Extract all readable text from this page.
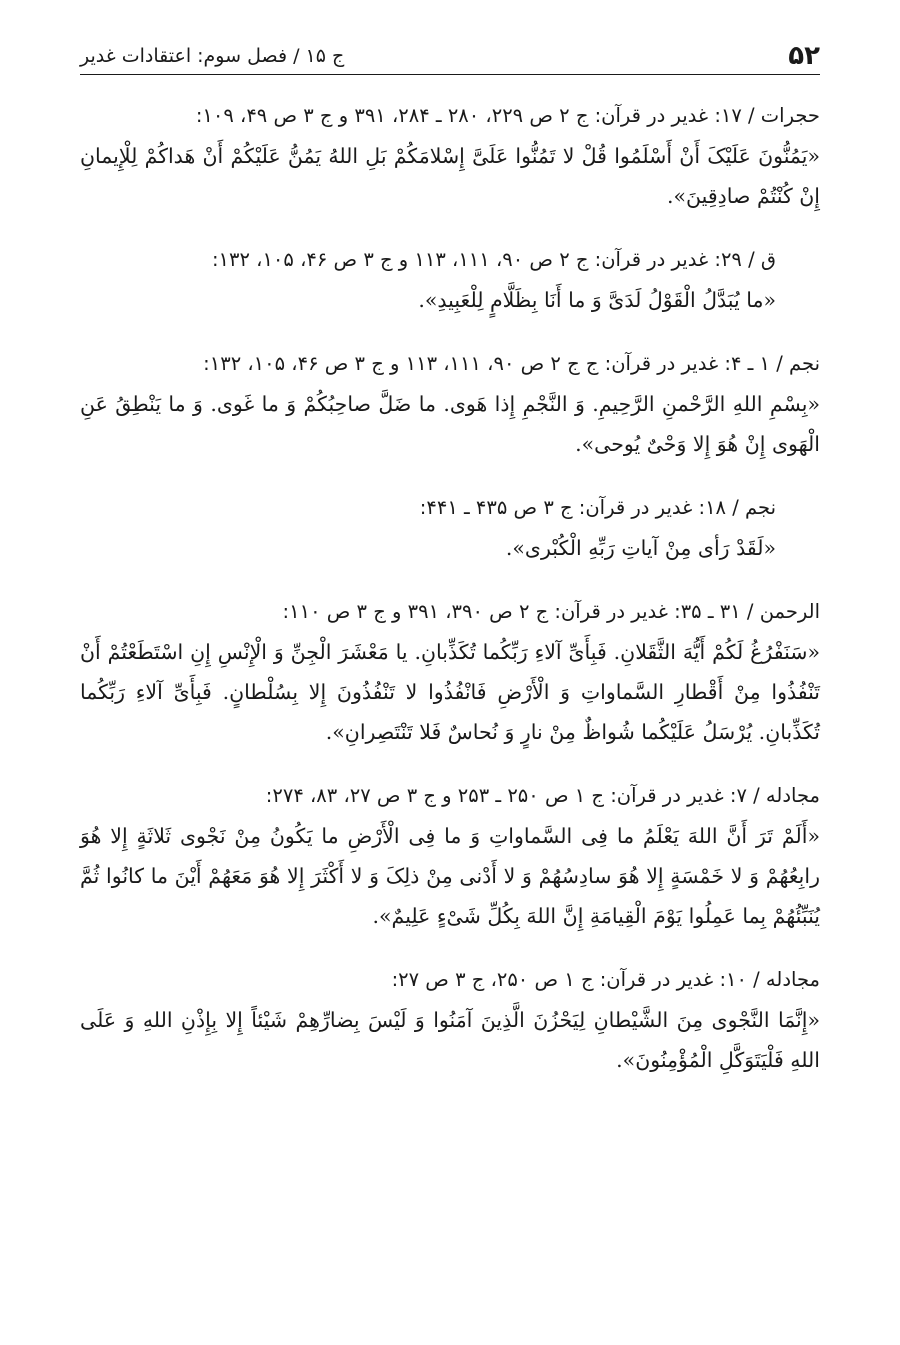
۵۲
ج ۱۵ / فصل سوم: اعتقادات غدیر

حجرات / ۱۷: غدیر در قرآن: ج ۲ ص ۲۲۹، ۲۸۰ ـ ۲۸۴، ۳۹۱ و ج ۳ ص ۴۹، ۱۰۹:

«یَمُنُّونَ عَلَیْکَ أَنْ أَسْلَمُوا قُلْ لا تَمُنُّوا عَلَیَّ إِسْلامَکُمْ بَلِ اللهُ یَمُنُّ عَلَیْکُمْ أَنْ هَداکُمْ لِلْإِیمانِ إِنْ کُنْتُمْ صادِقِینَ».

ق / ۲۹: غدیر در قرآن: ج ۲ ص ۹۰، ۱۱۱، ۱۱۳ و ج ۳ ص ۴۶، ۱۰۵، ۱۳۲:

«ما یُبَدَّلُ الْقَوْلُ لَدَیَّ وَ ما أَنَا بِظَلَّامٍ لِلْعَبِیدِ».

نجم / ۱ ـ ۴: غدیر در قرآن: ج ج ۲ ص ۹۰، ۱۱۱، ۱۱۳ و ج ۳ ص ۴۶، ۱۰۵، ۱۳۲:

«بِسْمِ اللهِ الرَّحْمنِ الرَّحِیمِ. وَ النَّجْمِ إِذا هَوی. ما ضَلَّ صاحِبُکُمْ وَ ما غَوی. وَ ما یَنْطِقُ عَنِ الْهَوی إِنْ هُوَ إِلا وَحْیٌ یُوحی».

نجم / ۱۸: غدیر در قرآن: ج ۳ ص ۴۳۵ ـ ۴۴۱:

«لَقَدْ رَأی مِنْ آیاتِ رَبِّهِ الْکُبْری».

الرحمن / ۳۱ ـ ۳۵: غدیر در قرآن: ج ۲ ص ۳۹۰، ۳۹۱ و ج ۳ ص ۱۱۰:

«سَنَفْرُغُ لَکُمْ أَیُّهَ الثَّقَلانِ. فَبِأَیِّ آلاءِ رَبِّکُما تُکَذِّبانِ. یا مَعْشَرَ الْجِنِّ وَ الْإِنْسِ إِنِ اسْتَطَعْتُمْ أَنْ تَنْفُذُوا مِنْ أَقْطارِ السَّماواتِ وَ الْأَرْضِ فَانْفُذُوا لا تَنْفُذُونَ إِلا بِسُلْطانٍ. فَبِأَیِّ آلاءِ رَبِّکُما تُکَذِّبانِ. یُرْسَلُ عَلَیْکُما شُواظٌ مِنْ نارٍ وَ نُحاسٌ فَلا تَنْتَصِرانِ».

مجادله / ۷: غدیر در قرآن: ج ۱ ص ۲۵۰ ـ ۲۵۳ و ج ۳ ص ۲۷، ۸۳، ۲۷۴:

«أَلَمْ تَرَ أَنَّ اللهَ یَعْلَمُ ما فِی السَّماواتِ وَ ما فِی الْأَرْضِ ما یَکُونُ مِنْ نَجْوی ثَلاثَةٍ إِلا هُوَ رابِعُهُمْ وَ لا خَمْسَةٍ إِلا هُوَ سادِسُهُمْ وَ لا أَدْنی مِنْ ذلِکَ وَ لا أَکْثَرَ إِلا هُوَ مَعَهُمْ أَیْنَ ما کانُوا ثُمَّ یُنَبِّئُهُمْ بِما عَمِلُوا یَوْمَ الْقِیامَةِ إِنَّ اللهَ بِکُلِّ شَیْءٍ عَلِیمٌ».

مجادله / ۱۰: غدیر در قرآن: ج ۱ ص ۲۵۰، ج ۳ ص ۲۷:

«إِنَّمَا النَّجْوی مِنَ الشَّیْطانِ لِیَحْزُنَ الَّذِینَ آمَنُوا وَ لَیْسَ بِضارِّهِمْ شَیْئاً إِلا بِإِذْنِ اللهِ وَ عَلَی اللهِ فَلْیَتَوَکَّلِ الْمُؤْمِنُونَ».
